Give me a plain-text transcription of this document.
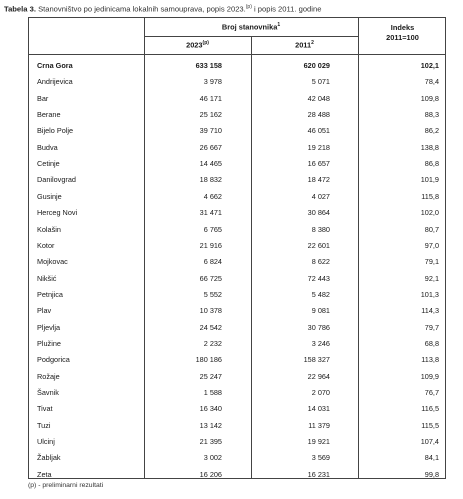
Tabela 3. Stanovništvo po jedinicama lokalnih samouprava, popis 2023.$^{(p)}$ i popis 2011. godine
Broj stanovnika$^1$
2023$^{(p)}$	2011$^2$
Indeks
2011=100
Crna Gora	633 158	620 029	102,1
Andrijevica	3 978	5 071	78,4
Bar	46 171	42 048	109,8
Berane	25 162	28 488	88,3
Bijelo Polje	39 710	46 051	86,2
Budva	26 667	19 218	138,8
Cetinje	14 465	16 657	86,8
Danilovgrad	18 832	18 472	101,9
Gusinje	4 662	4 027	115,8
Herceg Novi	31 471	30 864	102,0
Kolašin	6 765	8 380	80,7
Kotor	21 916	22 601	97,0
Mojkovac	6 824	8 622	79,1
Nikšić	66 725	72 443	92,1
Petnjica	5 552	5 482	101,3
Plav	10 378	9 081	114,3
Pljevlja	24 542	30 786	79,7
Plužine	2 232	3 246	68,8
Podgorica	180 186	158 327	113,8
Rožaje	25 247	22 964	109,9
Šavnik	1 588	2 070	76,7
Tivat	16 340	14 031	116,5
Tuzi	13 142	11 379	115,5
Ulcinj	21 395	19 921	107,4
Žabljak	3 002	3 569	84,1
Zeta	16 206	16 231	99,8
(p) - preliminarni rezultati
